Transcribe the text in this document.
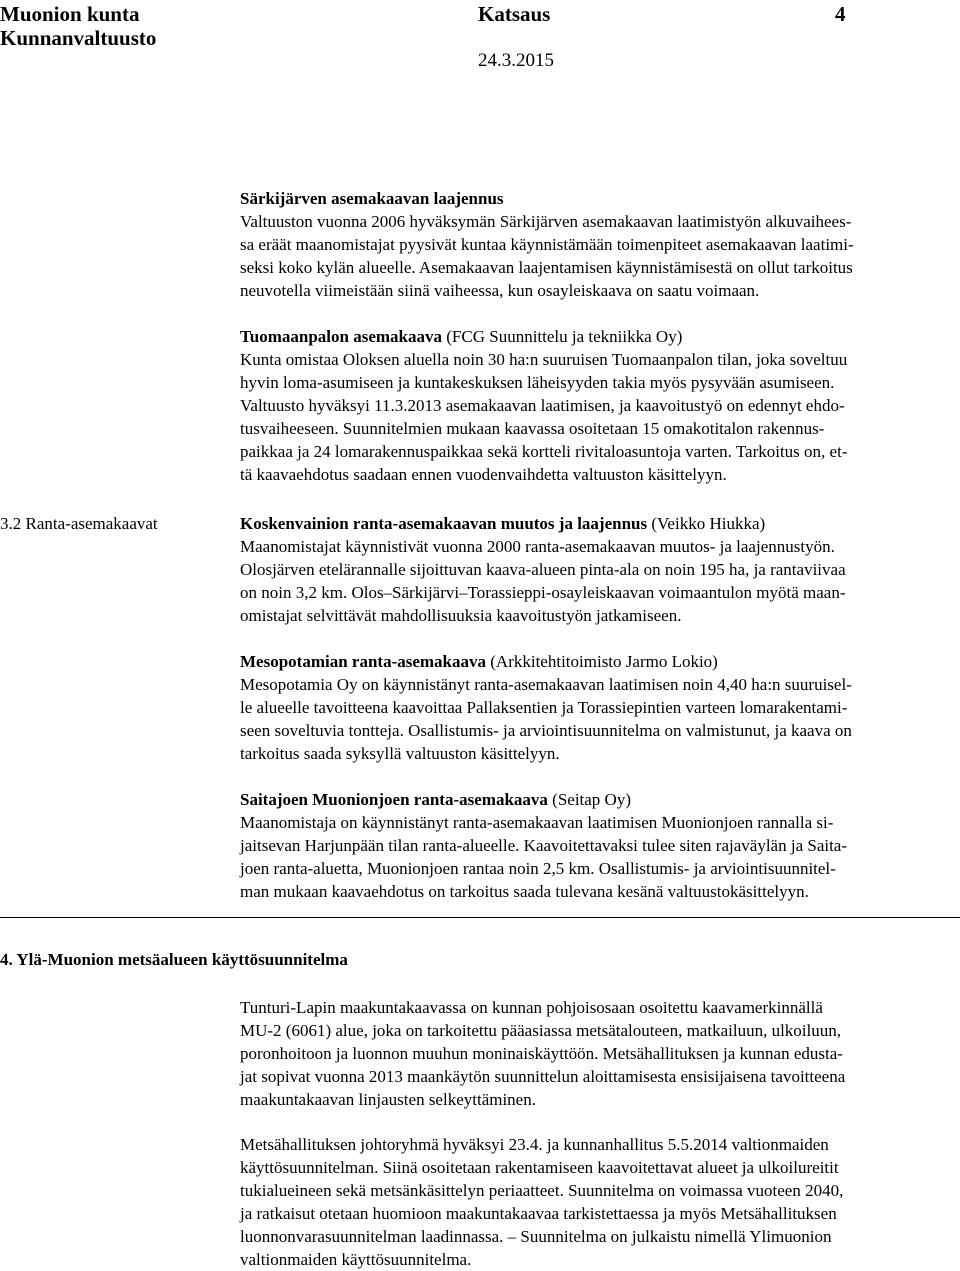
Muonion kunta
Kunnanvaltuusto
Katsaus	4
24.3.2015
Särkijärven asemakaavan laajennus
Valtuuston vuonna 2006 hyväksymän Särkijärven asemakaavan laatimistyön alkuvaihees-
sa eräät maanomistajat pyysivät kuntaa käynnistämään toimenpiteet asemakaavan laatimi-
seksi koko kylän alueelle. Asemakaavan laajentamisen käynnistämisestä on ollut tarkoitus
neuvotella viimeistään siinä vaiheessa, kun osayleiskaava on saatu voimaan.
Tuomaanpalon asemakaava (FCG Suunnittelu ja tekniikka Oy)
Kunta omistaa Oloksen aluella noin 30 ha:n suuruisen Tuomaanpalon tilan, joka soveltuu
hyvin loma-asumiseen ja kuntakeskuksen läheisyyden takia myös pysyvään asumiseen.
Valtuusto hyväksyi 11.3.2013 asemakaavan laatimisen, ja kaavoitustyö on edennyt ehdo-
tusvaiheeseen. Suunnitelmien mukaan kaavassa osoitetaan 15 omakotitalon rakennus-
paikkaa ja 24 lomarakennuspaikkaa sekä kortteli rivitaloasuntoja varten. Tarkoitus on, et-
tä kaavaehdotus saadaan ennen vuodenvaihdetta valtuuston käsittelyyn.
3.2 Ranta-asemakaavat	Koskenvainion ranta-asemakaavan muutos ja laajennus (Veikko Hiukka)
Maanomistajat käynnistivät vuonna 2000 ranta-asemakaavan muutos- ja laajennustyön.
Olosjärven etelärannalle sijoittuvan kaava-alueen pinta-ala on noin 195 ha, ja rantaviivaa
on noin 3,2 km. Olos–Särkijärvi–Torassieppi-osayleiskaavan voimaantulon myötä maan-
omistajat selvittävät mahdollisuuksia kaavoitustyön jatkamiseen.
Mesopotamian ranta-asemakaava (Arkkitehtitoimisto Jarmo Lokio)
Mesopotamia Oy on käynnistänyt ranta-asemakaavan laatimisen noin 4,40 ha:n suuruisel-
le alueelle tavoitteena kaavoittaa Pallaksentien ja Torassiepintien varteen lomarakentami-
seen soveltuvia tontteja. Osallistumis- ja arviointisuunnitelma on valmistunut, ja kaava on
tarkoitus saada syksyllä valtuuston käsittelyyn.
Saitajoen Muonionjoen ranta-asemakaava (Seitap Oy)
Maanomistaja on käynnistänyt ranta-asemakaavan laatimisen Muonionjoen rannalla si-
jaitsevan Harjunpään tilan ranta-alueelle. Kaavoitettavaksi tulee siten rajaväylän ja Saita-
joen ranta-aluetta, Muonionjoen rantaa noin 2,5 km. Osallistumis- ja arviointisuunnitel-
man mukaan kaavaehdotus on tarkoitus saada tulevana kesänä valtuustokäsittelyyn.
4. Ylä-Muonion metsäalueen käyttösuunnitelma
Tunturi-Lapin maakuntakaavassa on kunnan pohjoisosaan osoitettu kaavamerkinnällä
MU-2 (6061) alue, joka on tarkoitettu pääasiassa metsätalouteen, matkailuun, ulkoiluun,
poronhoitoon ja luonnon muuhun moninaiskäyttöön. Metsähallituksen ja kunnan edusta-
jat sopivat vuonna 2013 maankäytön suunnittelun aloittamisesta ensisijaisena tavoitteena
maakuntakaavan linjausten selkeyttäminen.
Metsähallituksen johtoryhmä hyväksyi 23.4. ja kunnanhallitus 5.5.2014 valtionmaiden
käyttösuunnitelman. Siinä osoitetaan rakentamiseen kaavoitettavat alueet ja ulkoilureitit
tukialueineen sekä metsänkäsittelyn periaatteet. Suunnitelma on voimassa vuoteen 2040,
ja ratkaisut otetaan huomioon maakuntakaavaa tarkistettaessa ja myös Metsähallituksen
luonnonvarasuunnitelman laadinnassa. – Suunnitelma on julkaistu nimellä Ylimuonion
valtionmaiden käyttösuunnitelma.
